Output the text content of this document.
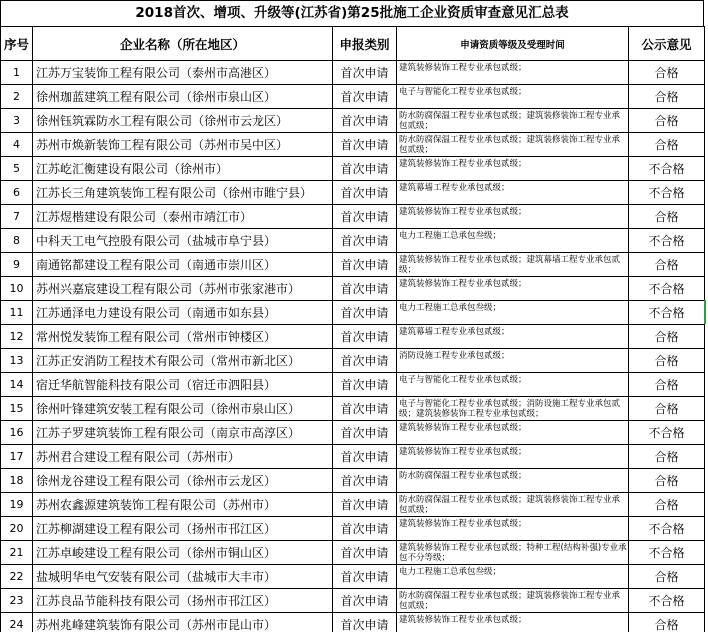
2018首次、增项、升级等(江苏省)第25批施工企业资质审查意见汇总表
序号	企业名称（所在地区）	申报类别	申请资质等级及受理时间	公示意见
1	江苏万宝装饰工程有限公司（泰州市高港区）	首次申请	建筑装修装饰工程专业承包贰级；	合格
2	徐州珈蓝建筑工程有限公司（徐州市泉山区）	首次申请	电子与智能化工程专业承包贰级；	合格
3	徐州钰筑霖防水工程有限公司（徐州市云龙区）	首次申请	防水防腐保温工程专业承包贰级；建筑装修装饰工程专业承包贰级；	合格
4	苏州市焕新装饰工程有限公司（苏州市吴中区）	首次申请	防水防腐保温工程专业承包贰级；建筑装修装饰工程专业承包贰级；	合格
5	江苏屹汇衡建设有限公司（徐州市）	首次申请	建筑装修装饰工程专业承包贰级；	不合格
6	江苏长三角建筑装饰工程有限公司（徐州市睢宁县）	首次申请	建筑幕墙工程专业承包贰级；	不合格
7	江苏煜楷建设有限公司（泰州市靖江市）	首次申请	建筑装修装饰工程专业承包贰级；	合格
8	中科天工电气控股有限公司（盐城市阜宁县）	首次申请	电力工程施工总承包叁级；	不合格
9	南通铭都建设工程有限公司（南通市崇川区）	首次申请	建筑装修装饰工程专业承包贰级；建筑幕墙工程专业承包贰级；	合格
10	苏州兴嘉宸建设工程有限公司（苏州市张家港市）	首次申请	建筑装修装饰工程专业承包贰级；	不合格
11	江苏通泽电力建设有限公司（南通市如东县）	首次申请	电力工程施工总承包叁级；	不合格
12	常州悦发装饰工程有限公司（常州市钟楼区）	首次申请	建筑幕墙工程专业承包贰级；	合格
13	江苏正安消防工程技术有限公司（常州市新北区）	首次申请	消防设施工程专业承包贰级；	合格
14	宿迁华航智能科技有限公司（宿迁市泗阳县）	首次申请	电子与智能化工程专业承包贰级；	合格
15	徐州叶锋建筑安装工程有限公司（徐州市泉山区）	首次申请	电子与智能化工程专业承包贰级；消防设施工程专业承包贰级；建筑装修装饰工程专业承包贰级；	合格
16	江苏子罗建筑装饰工程有限公司（南京市高淳区）	首次申请	建筑装修装饰工程专业承包贰级；	不合格
17	苏州君合建设工程有限公司（苏州市）	首次申请	建筑装修装饰工程专业承包贰级；	合格
18	徐州龙谷建设工程有限公司（徐州市云龙区）	首次申请	防水防腐保温工程专业承包贰级；	合格
19	苏州农鑫源建筑装饰工程有限公司（苏州市）	首次申请	防水防腐保温工程专业承包贰级；建筑装修装饰工程专业承包贰级；	合格
20	江苏柳湖建设工程有限公司（扬州市邗江区）	首次申请	建筑装修装饰工程专业承包贰级；	不合格
21	江苏卓峻建设工程有限公司（徐州市铜山区）	首次申请	建筑装修装饰工程专业承包贰级；特种工程(结构补强)专业承包不分等级；	不合格
22	盐城明华电气安装有限公司（盐城市大丰市）	首次申请	电力工程施工总承包叁级；	合格
23	江苏良品节能科技有限公司（扬州市邗江区）	首次申请	防水防腐保温工程专业承包贰级；建筑装修装饰工程专业承包贰级；	不合格
24	苏州兆峰建筑装饰有限公司（苏州市昆山市）	首次申请	建筑装修装饰工程专业承包贰级；	合格
